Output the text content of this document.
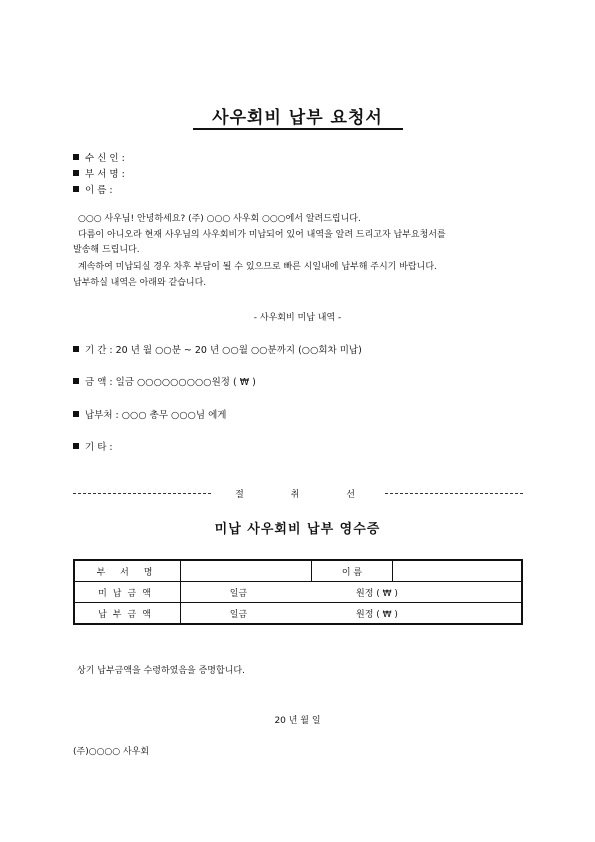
사우회비 납부 요청서
수 신 인 :
부 서 명 :
이 름 :
○○○ 사우님! 안녕하세요? (주) ○○○ 사우회 ○○○에서 알려드립니다.
다름이 아니오라 현재 사우님의 사우회비가 미납되어 있어 내역을 알려 드리고자 납부요청서를
발송해 드립니다.
계속하여 미납되실 경우 차후 부담이 될 수 있으므로 빠른 시일내에 납부해 주시기 바랍니다.
납부하실 내역은 아래와 같습니다.
- 사우회비 미납 내역 -
기 간 : 20 년 월 ○○분 ~ 20 년 ○○월 ○○분까지 (○○회차 미납)
금 액 : 일금 ○○○○○○○○○원정 ( ₩ )
납부처 : ○○○ 총무 ○○○님 에게
기 타 :
절 취 선
미납 사우회비 납부 영수증
부 서 명		이 름	
미납금액	일금 원정 ( ₩ )		
납부금액	일금 원정 ( ₩ )		
상기 납부금액을 수령하였음을 증명합니다.
20 년 월 일
(주)○○○○ 사우회
